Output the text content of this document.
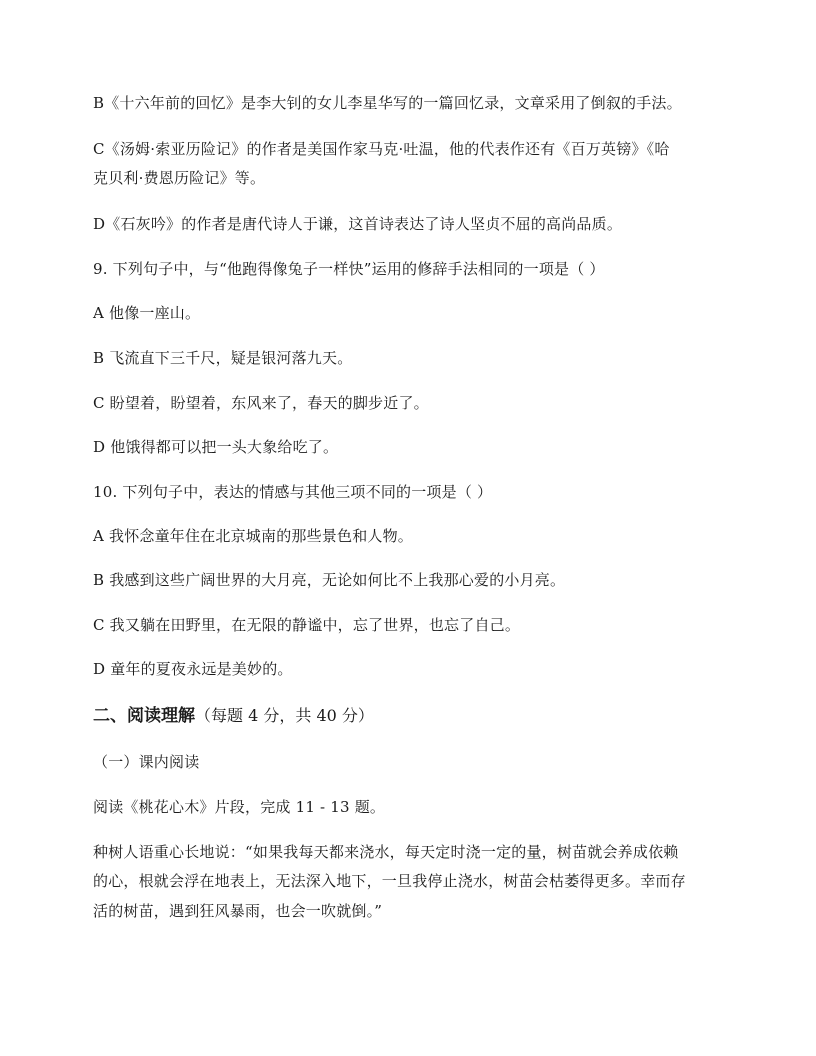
B《十六年前的回忆》是李大钊的女儿李星华写的一篇回忆录，文章采用了倒叙的手法。
C《汤姆·索亚历险记》的作者是美国作家马克·吐温，他的代表作还有《百万英镑》《哈
克贝利·费恩历险记》等。
D《石灰吟》的作者是唐代诗人于谦，这首诗表达了诗人坚贞不屈的高尚品质。
9. 下列句子中，与“他跑得像兔子一样快”运用的修辞手法相同的一项是（ ）
A 他像一座山。
B 飞流直下三千尺，疑是银河落九天。
C 盼望着，盼望着，东风来了，春天的脚步近了。
D 他饿得都可以把一头大象给吃了。
10. 下列句子中，表达的情感与其他三项不同的一项是（ ）
A 我怀念童年住在北京城南的那些景色和人物。
B 我感到这些广阔世界的大月亮，无论如何比不上我那心爱的小月亮。
C 我又躺在田野里，在无限的静谧中，忘了世界，也忘了自己。
D 童年的夏夜永远是美妙的。
二、阅读理解（每题 4 分，共 40 分）
（一）课内阅读
阅读《桃花心木》片段，完成 11 - 13 题。
种树人语重心长地说：“如果我每天都来浇水，每天定时浇一定的量，树苗就会养成依赖
的心，根就会浮在地表上，无法深入地下，一旦我停止浇水，树苗会枯萎得更多。幸而存
活的树苗，遇到狂风暴雨，也会一吹就倒。”
